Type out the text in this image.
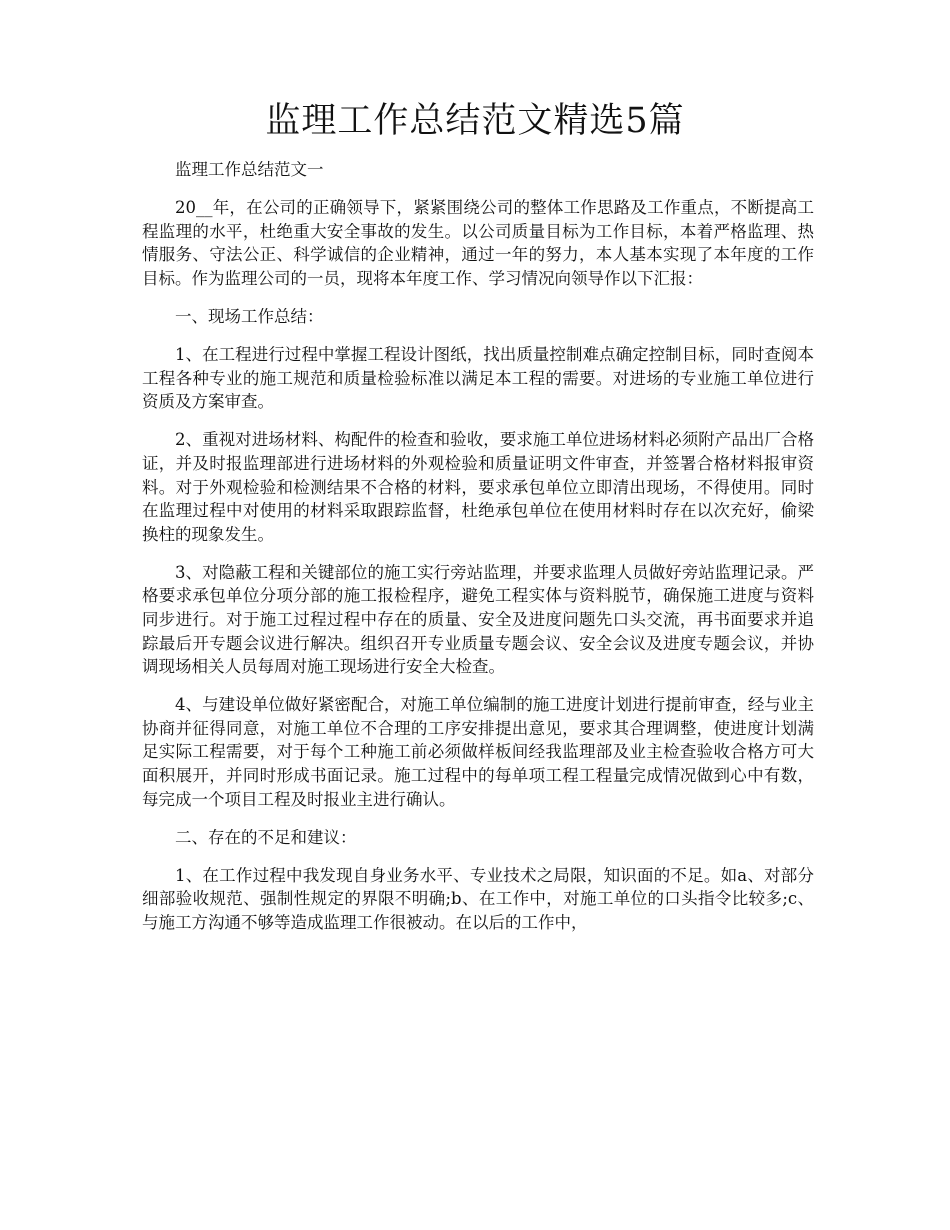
监理工作总结范文精选5篇

监理工作总结范文一

20__年，在公司的正确领导下，紧紧围绕公司的整体工作思路及工作重点，不断提高工程监理的水平，杜绝重大安全事故的发生。以公司质量目标为工作目标，本着严格监理、热情服务、守法公正、科学诚信的企业精神，通过一年的努力，本人基本实现了本年度的工作目标。作为监理公司的一员，现将本年度工作、学习情况向领导作以下汇报：

一、现场工作总结：

1、在工程进行过程中掌握工程设计图纸，找出质量控制难点确定控制目标，同时查阅本工程各种专业的施工规范和质量检验标准以满足本工程的需要。对进场的专业施工单位进行资质及方案审查。

2、重视对进场材料、构配件的检查和验收，要求施工单位进场材料必须附产品出厂合格证，并及时报监理部进行进场材料的外观检验和质量证明文件审查，并签署合格材料报审资料。对于外观检验和检测结果不合格的材料，要求承包单位立即清出现场，不得使用。同时在监理过程中对使用的材料采取跟踪监督，杜绝承包单位在使用材料时存在以次充好，偷梁换柱的现象发生。

3、对隐蔽工程和关键部位的施工实行旁站监理，并要求监理人员做好旁站监理记录。严格要求承包单位分项分部的施工报检程序，避免工程实体与资料脱节，确保施工进度与资料同步进行。对于施工过程过程中存在的质量、安全及进度问题先口头交流，再书面要求并追踪最后开专题会议进行解决。组织召开专业质量专题会议、安全会议及进度专题会议，并协调现场相关人员每周对施工现场进行安全大检查。

4、与建设单位做好紧密配合，对施工单位编制的施工进度计划进行提前审查，经与业主协商并征得同意，对施工单位不合理的工序安排提出意见，要求其合理调整，使进度计划满足实际工程需要，对于每个工种施工前必须做样板间经我监理部及业主检查验收合格方可大面积展开，并同时形成书面记录。施工过程中的每单项工程工程量完成情况做到心中有数，每完成一个项目工程及时报业主进行确认。

二、存在的不足和建议：

1、在工作过程中我发现自身业务水平、专业技术之局限，知识面的不足。如a、对部分细部验收规范、强制性规定的界限不明确;b、在工作中，对施工单位的口头指令比较多;c、与施工方沟通不够等造成监理工作很被动。在以后的工作中，
